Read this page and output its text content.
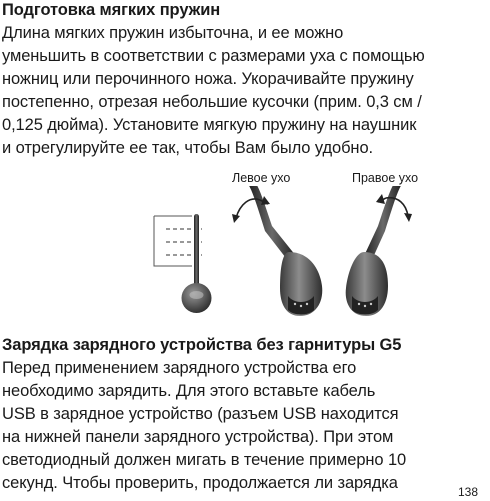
Подготовка мягких пружин
Длина мягких пружин избыточна, и ее можно
уменьшить в соответствии с размерами уха с помощью
ножниц или перочинного ножа. Укорачивайте пружину
постепенно, отрезая небольшие кусочки (прим. 0,3 см /
0,125 дюйма). Установите мягкую пружину на наушник
и отрегулируйте ее так, чтобы Вам было удобно.
Левое ухо	Правое ухо
Зарядка зарядного устройства без гарнитуры G5
Перед применением зарядного устройства его
необходимо зарядить. Для этого вставьте кабель
USB в зарядное устройство (разъем USB находится
на нижней панели зарядного устройства). При этом
светодиодный должен мигать в течение примерно 10
секунд. Чтобы проверить, продолжается ли зарядка	138
